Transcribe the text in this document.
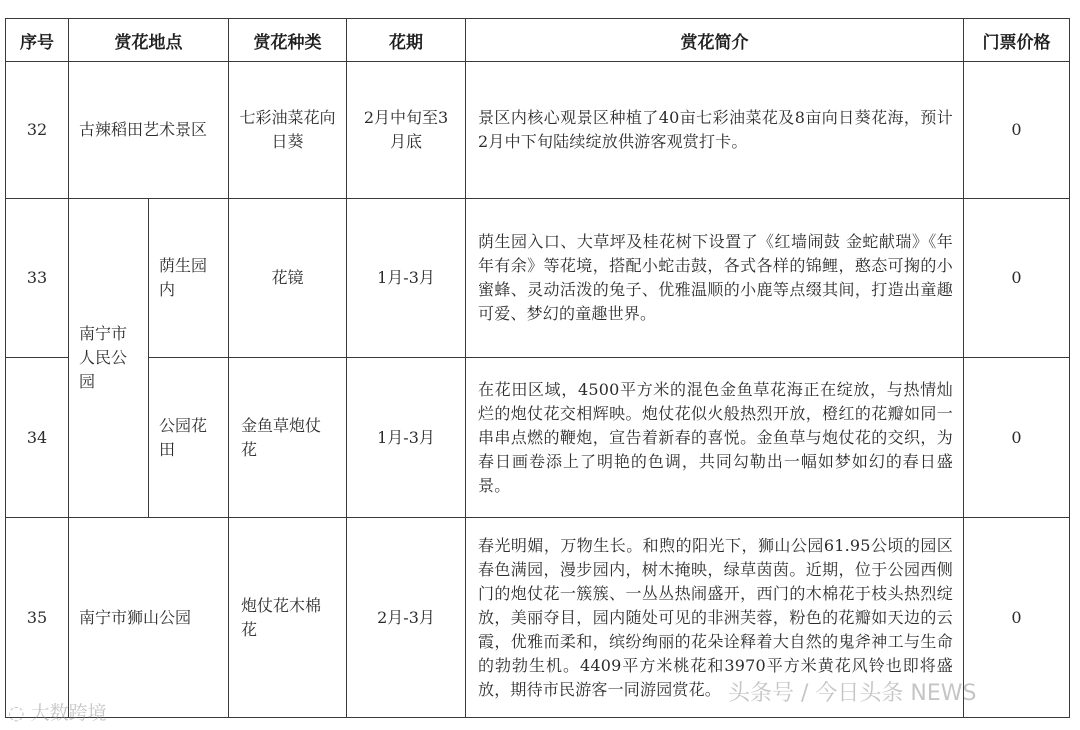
序号	赏花地点		赏花种类	花期	赏花简介	门票价格
32	古辣稻田艺术景区		七彩油菜花向日葵	2月中旬至3月底	景区内核心观景区种植了40亩七彩油菜花及8亩向日葵花海，预计2月中下旬陆续绽放供游客观赏打卡。	0
33	南宁市人民公园	荫生园内	花镜	1月-3月	荫生园入口、大草坪及桂花树下设置了《红墙闹鼓 金蛇献瑞》《年年有余》等花境，搭配小蛇击鼓，各式各样的锦鲤，憨态可掬的小蜜蜂、灵动活泼的兔子、优雅温顺的小鹿等点缀其间，打造出童趣可爱、梦幻的童趣世界。	0
34		公园花田	金鱼草炮仗花	1月-3月	在花田区域，4500平方米的混色金鱼草花海正在绽放，与热情灿烂的炮仗花交相辉映。炮仗花似火般热烈开放，橙红的花瓣如同一串串点燃的鞭炮，宣告着新春的喜悦。金鱼草与炮仗花的交织，为春日画卷添上了明艳的色调，共同勾勒出一幅如梦如幻的春日盛景。	0
35	南宁市狮山公园		炮仗花木棉花	2月-3月	春光明媚，万物生长。和煦的阳光下，狮山公园61.95公顷的园区春色满园，漫步园内，树木掩映，绿草茵茵。近期，位于公园西侧门的炮仗花一簇簇、一丛丛热闹盛开，西门的木棉花于枝头热烈绽放，美丽夺目，园内随处可见的非洲芙蓉，粉色的花瓣如天边的云霞，优雅而柔和，缤纷绚丽的花朵诠释着大自然的鬼斧神工与生命的勃勃生机。4409平方米桃花和3970平方米黄花风铃也即将盛放，期待市民游客一同游园赏花。	0
◌ 大数跨境
头条号 / 今日头条 NEWS
